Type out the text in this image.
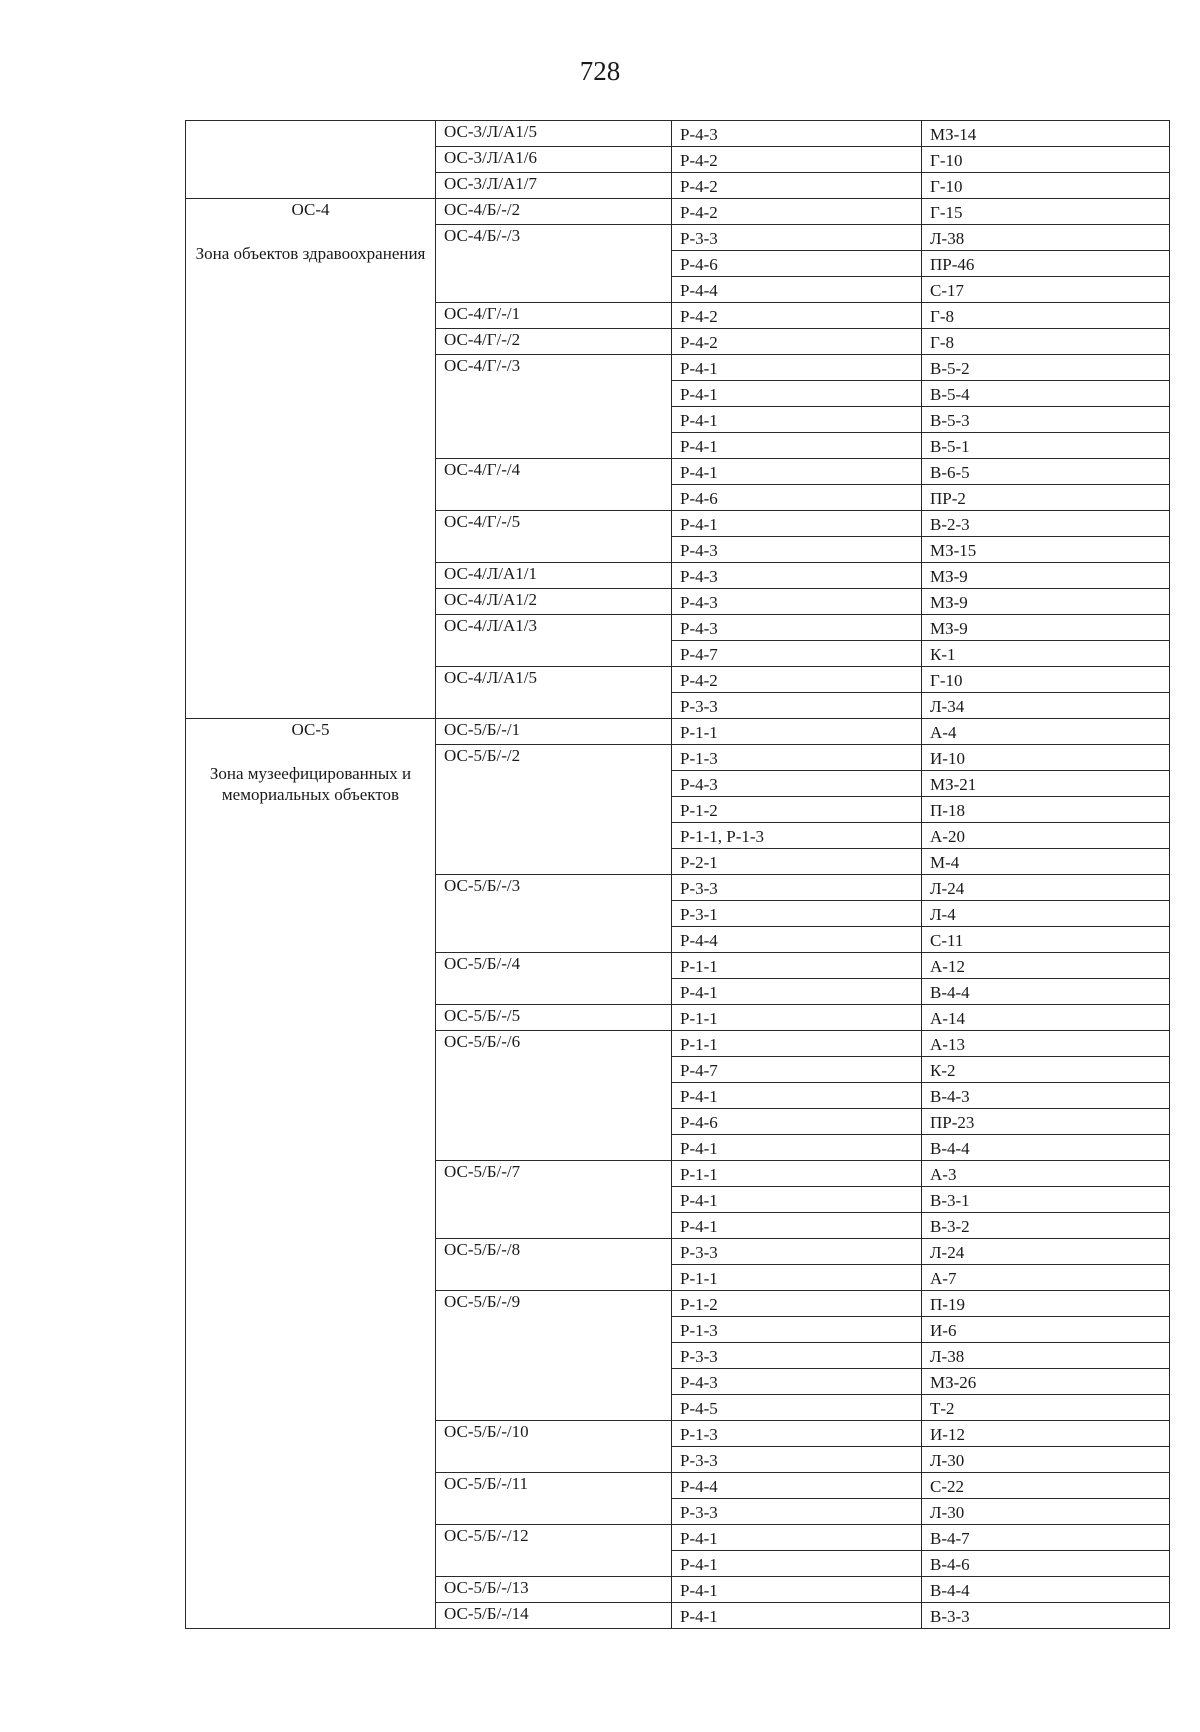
728
	ОС-3/Л/А1/5	Р-4-3	МЗ-14
	ОС-3/Л/А1/6	Р-4-2	Г-10
	ОС-3/Л/А1/7	Р-4-2	Г-10

ОС-4
Зона объектов здравоохранения	ОС-4/Б/-/2	Р-4-2	Г-15
	ОС-4/Б/-/3	Р-3-3	Л-38
		Р-4-6	ПР-46
		Р-4-4	С-17
	ОС-4/Г/-/1	Р-4-2	Г-8
	ОС-4/Г/-/2	Р-4-2	Г-8
	ОС-4/Г/-/3	Р-4-1	В-5-2
		Р-4-1	В-5-4
		Р-4-1	В-5-3
		Р-4-1	В-5-1
	ОС-4/Г/-/4	Р-4-1	В-6-5
		Р-4-6	ПР-2
	ОС-4/Г/-/5	Р-4-1	В-2-3
		Р-4-3	МЗ-15
	ОС-4/Л/А1/1	Р-4-3	МЗ-9
	ОС-4/Л/А1/2	Р-4-3	МЗ-9
	ОС-4/Л/А1/3	Р-4-3	МЗ-9
		Р-4-7	К-1
	ОС-4/Л/А1/5	Р-4-2	Г-10
		Р-3-3	Л-34

ОС-5
Зона музеефицированных и мемориальных объектов	ОС-5/Б/-/1	Р-1-1	А-4
	ОС-5/Б/-/2	Р-1-3	И-10
		Р-4-3	МЗ-21
		Р-1-2	П-18
		Р-1-1, Р-1-3	А-20
		Р-2-1	М-4
	ОС-5/Б/-/3	Р-3-3	Л-24
		Р-3-1	Л-4
		Р-4-4	С-11
	ОС-5/Б/-/4	Р-1-1	А-12
		Р-4-1	В-4-4
	ОС-5/Б/-/5	Р-1-1	А-14
	ОС-5/Б/-/6	Р-1-1	А-13
		Р-4-7	К-2
		Р-4-1	В-4-3
		Р-4-6	ПР-23
		Р-4-1	В-4-4
	ОС-5/Б/-/7	Р-1-1	А-3
		Р-4-1	В-3-1
		Р-4-1	В-3-2
	ОС-5/Б/-/8	Р-3-3	Л-24
		Р-1-1	А-7
	ОС-5/Б/-/9	Р-1-2	П-19
		Р-1-3	И-6
		Р-3-3	Л-38
		Р-4-3	МЗ-26
		Р-4-5	Т-2
	ОС-5/Б/-/10	Р-1-3	И-12
		Р-3-3	Л-30
	ОС-5/Б/-/11	Р-4-4	С-22
		Р-3-3	Л-30
	ОС-5/Б/-/12	Р-4-1	В-4-7
		Р-4-1	В-4-6
	ОС-5/Б/-/13	Р-4-1	В-4-4
	ОС-5/Б/-/14	Р-4-1	В-3-3
